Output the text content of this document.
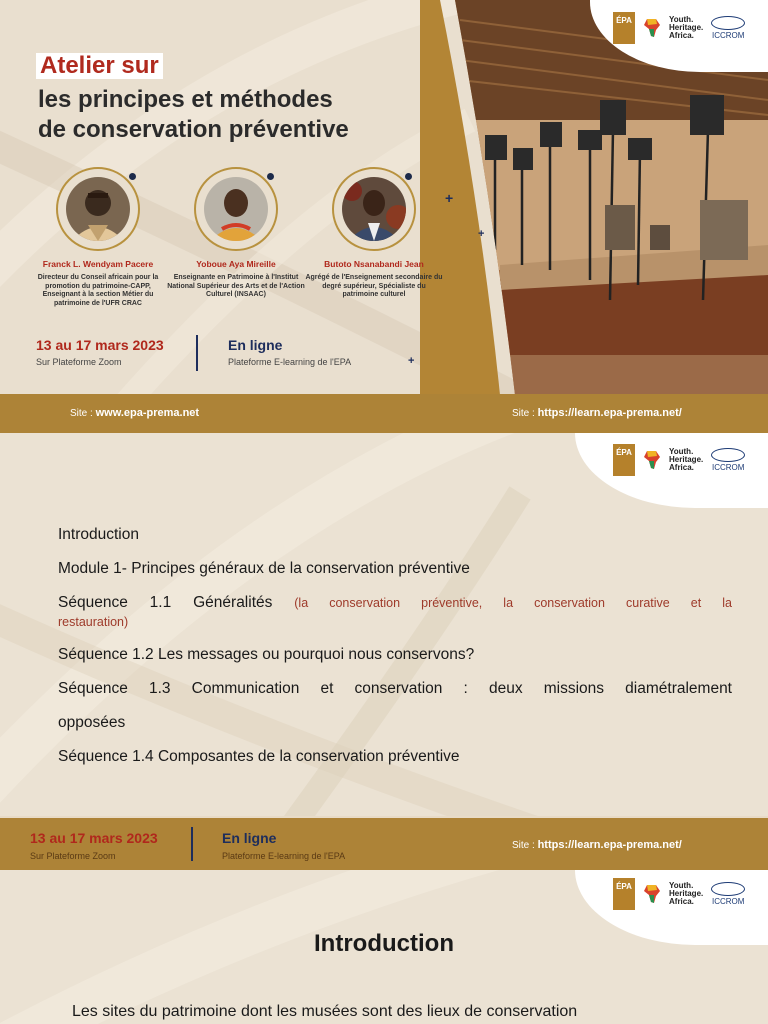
ÉPA	Youth.
Heritage.
Africa.	ICCROM
Atelier sur
les principes et méthodes
de conservation préventive
Franck L. Wendyam Pacere
Directeur du Conseil africain pour la promotion du patrimoine-CAPP, Enseignant à la section Métier du patrimoine de l'UFR CRAC
Yoboue Aya Mireille
Enseignante en Patrimoine à l'Institut National Supérieur des Arts et de l'Action Culturel (INSAAC)
Butoto Nsanabandi Jean
Agrégé de l'Enseignement secondaire du degré supérieur, Spécialiste du patrimoine culturel
+
+
+
13 au 17 mars 2023
Sur Plateforme Zoom
En ligne
Plateforme E-learning de l'EPA
Site : www.epa-prema.net	Site : https://learn.epa-prema.net/
ÉPA	Youth.
Heritage.
Africa.	ICCROM
Introduction
Module 1- Principes généraux de la conservation préventive
Séquence 1.1 Généralités (la conservation préventive, la conservation curative et la
restauration)
Séquence 1.2 Les messages ou pourquoi nous conservons?
Séquence 1.3 Communication et conservation : deux missions diamétralement
opposées
Séquence 1.4 Composantes de la conservation préventive
13 au 17 mars 2023
Sur Plateforme Zoom
En ligne
Plateforme E-learning de l'EPA
Site : https://learn.epa-prema.net/
ÉPA	Youth.
Heritage.
Africa.	ICCROM
Introduction
Les sites du patrimoine dont les musées sont des lieux de conservation
